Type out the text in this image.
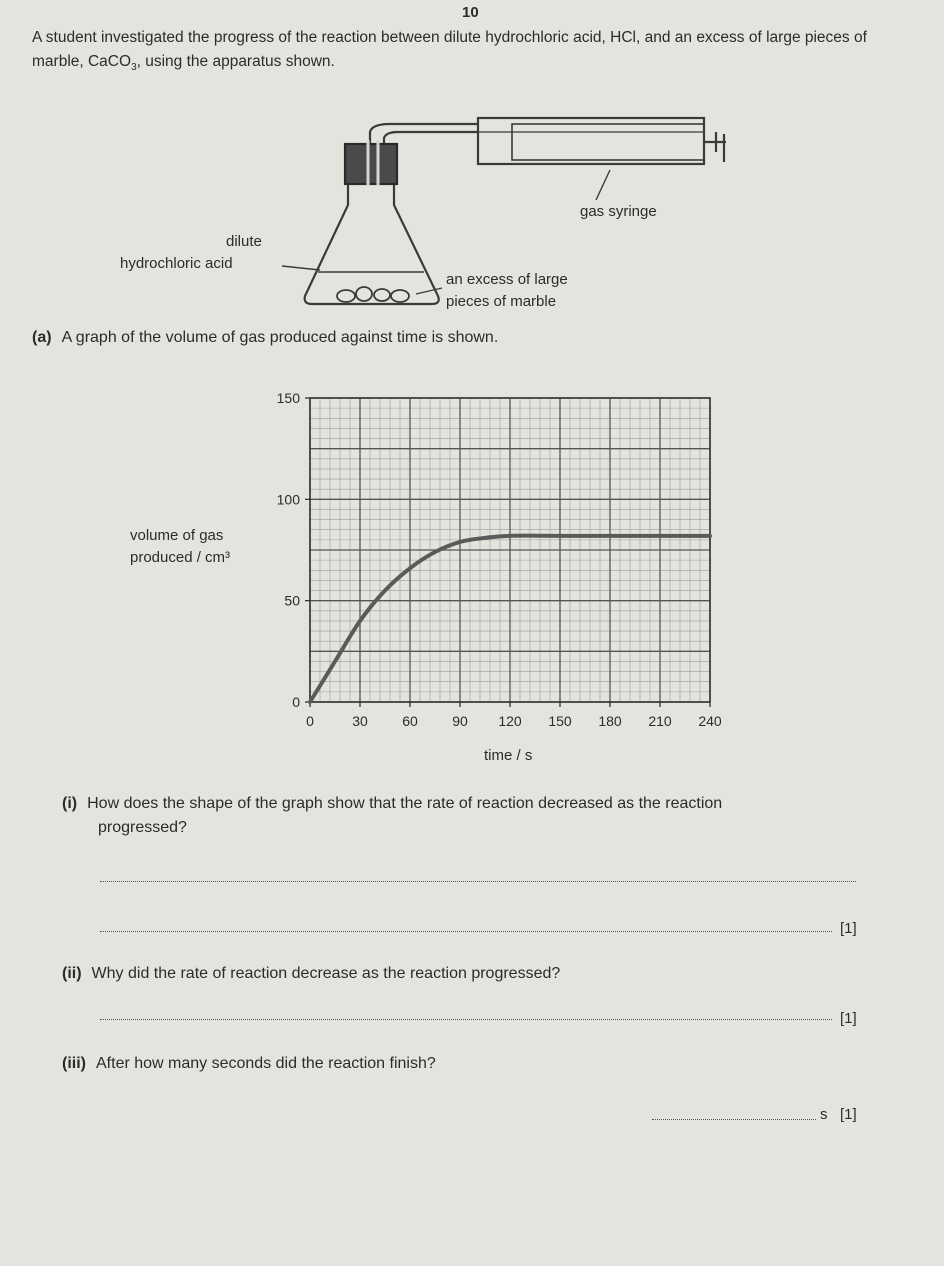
10
A student investigated the progress of the reaction between dilute hydrochloric acid, HCl, and an excess of large pieces of marble, CaCO$_3$, using the apparatus shown.
gas syringe
dilute
hydrochloric acid
an excess of large
pieces of marble
(a) A graph of the volume of gas produced against time is shown.
volume of gas
produced / cm³
0	30 60 90 120 150 180 210 240
0
50
100
150
time / s
(i) How does the shape of the graph show that the rate of reaction decreased as the reaction
progressed?
[1]
(ii) Why did the rate of reaction decrease as the reaction progressed?
[1]
(iii) After how many seconds did the reaction finish?
s [1]
